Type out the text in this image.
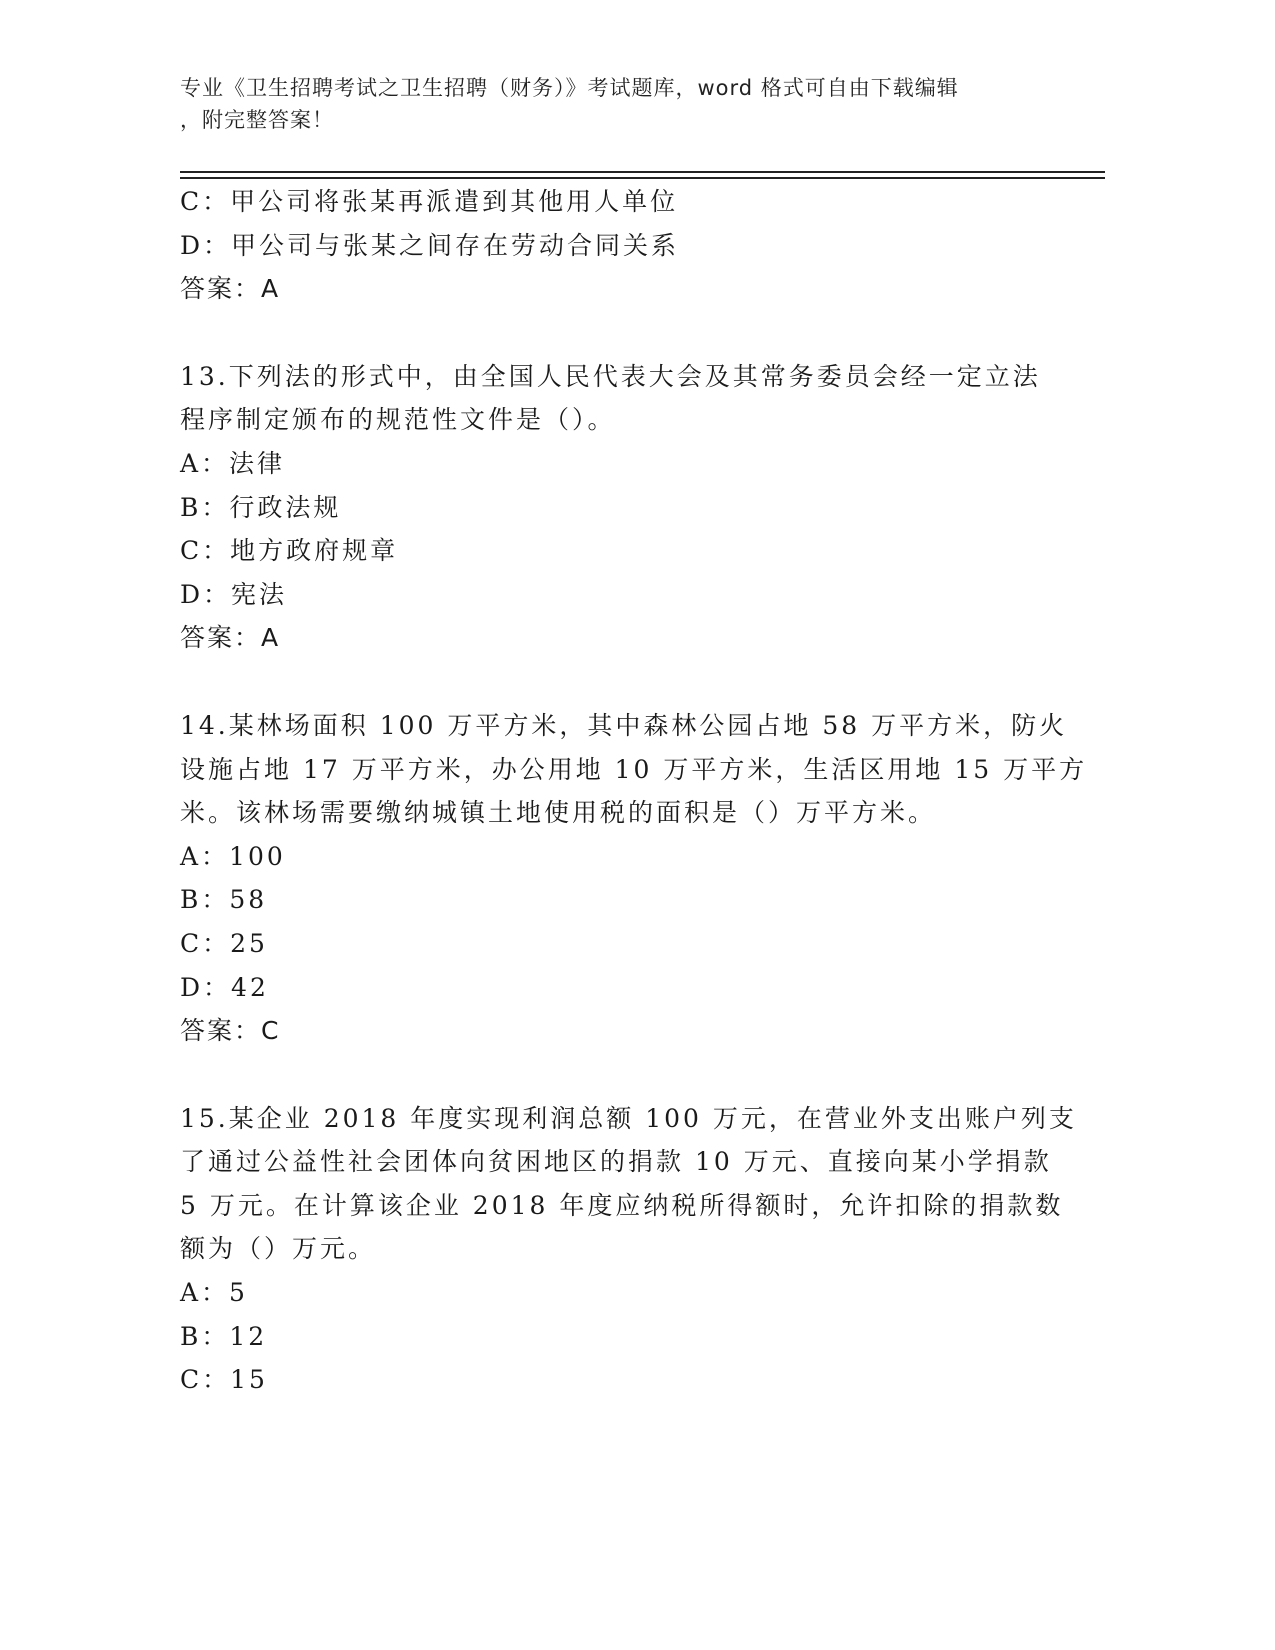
专业《卫生招聘考试之卫生招聘（财务）》考试题库，word 格式可自由下载编辑
，附完整答案！
C：甲公司将张某再派遣到其他用人单位
D：甲公司与张某之间存在劳动合同关系
答案：A
13.下列法的形式中，由全国人民代表大会及其常务委员会经一定立法
程序制定颁布的规范性文件是（）。
A：法律
B：行政法规
C：地方政府规章
D：宪法
答案：A
14.某林场面积 100 万平方米，其中森林公园占地 58 万平方米，防火
设施占地 17 万平方米，办公用地 10 万平方米，生活区用地 15 万平方
米。该林场需要缴纳城镇土地使用税的面积是（）万平方米。
A：100
B：58
C：25
D：42
答案：C
15.某企业 2018 年度实现利润总额 100 万元，在营业外支出账户列支
了通过公益性社会团体向贫困地区的捐款 10 万元、直接向某小学捐款
5 万元。在计算该企业 2018 年度应纳税所得额时，允许扣除的捐款数
额为（）万元。
A：5
B：12
C：15
